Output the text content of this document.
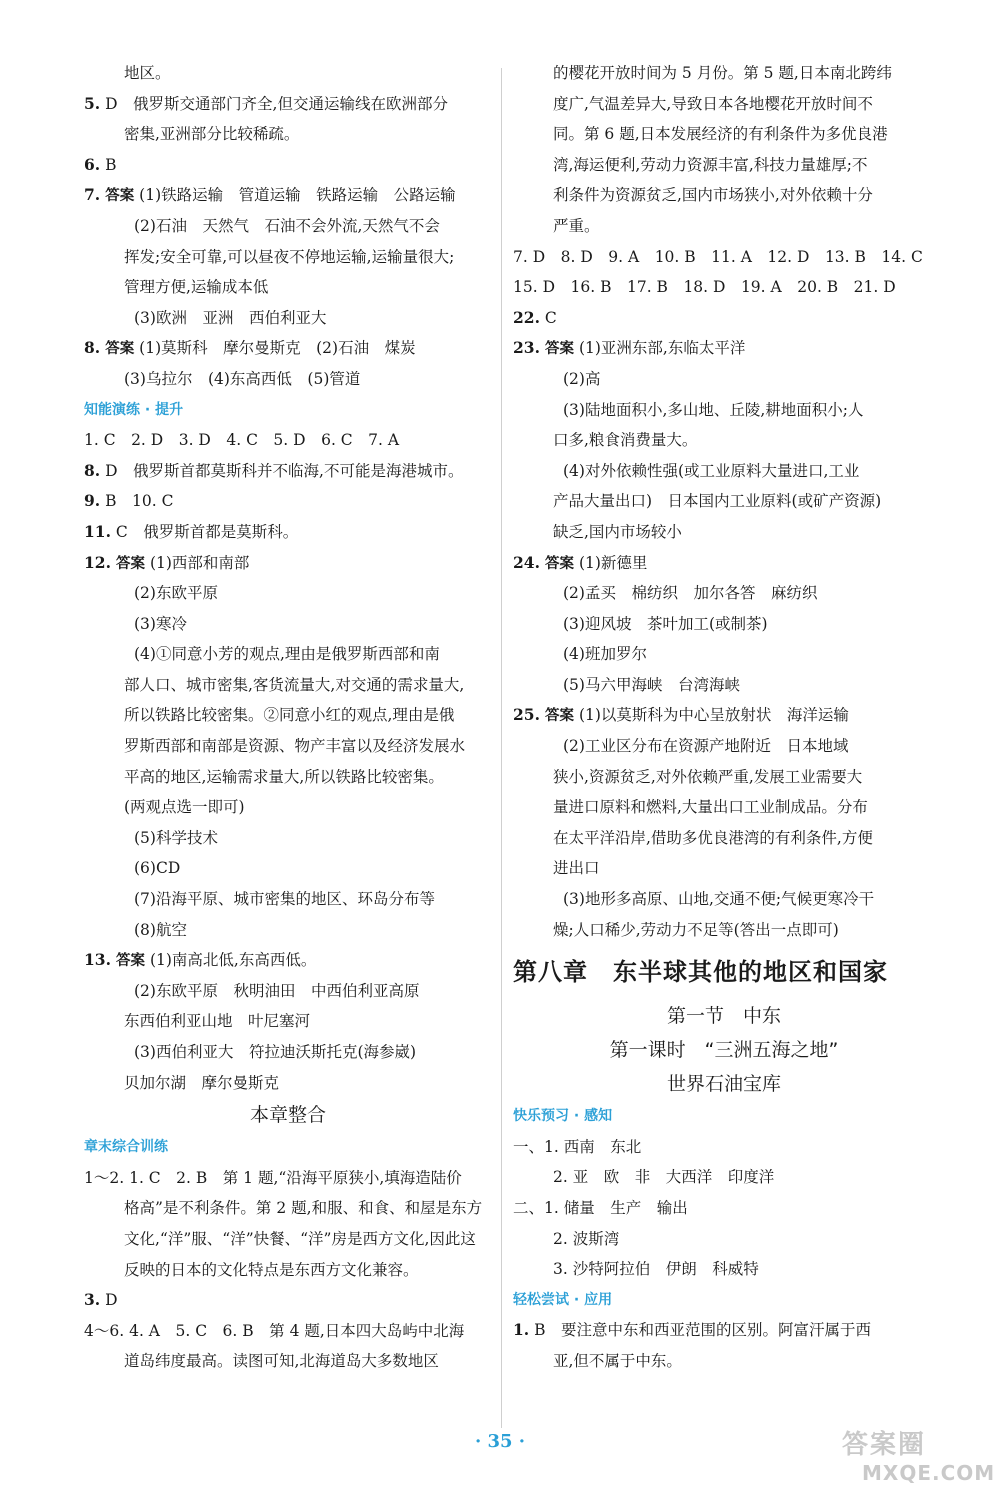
地区。
5. D　俄罗斯交通部门齐全,但交通运输线在欧洲部分
密集,亚洲部分比较稀疏。
6. B
7. 答案 (1)铁路运输　管道运输　铁路运输　公路运输
(2)石油　天然气　石油不会外流,天然气不会
挥发;安全可靠,可以昼夜不停地运输,运输量很大;
管理方便,运输成本低
(3)欧洲　亚洲　西伯利亚大
8. 答案 (1)莫斯科　摩尔曼斯克　(2)石油　煤炭
(3)乌拉尔　(4)东高西低　(5)管道
知能演练 · 提升
1. C　2. D　3. D　4. C　5. D　6. C　7. A
8. D　俄罗斯首都莫斯科并不临海,不可能是海港城市。
9. B　10. C
11. C　俄罗斯首都是莫斯科。
12. 答案 (1)西部和南部
(2)东欧平原
(3)寒冷
(4)①同意小芳的观点,理由是俄罗斯西部和南
部人口、城市密集,客货流量大,对交通的需求量大,
所以铁路比较密集。②同意小红的观点,理由是俄
罗斯西部和南部是资源、物产丰富以及经济发展水
平高的地区,运输需求量大,所以铁路比较密集。
(两观点选一即可)
(5)科学技术
(6)CD
(7)沿海平原、城市密集的地区、环岛分布等
(8)航空
13. 答案 (1)南高北低,东高西低。
(2)东欧平原　秋明油田　中西伯利亚高原
东西伯利亚山地　叶尼塞河
(3)西伯利亚大　符拉迪沃斯托克(海参崴)
贝加尔湖　摩尔曼斯克
本章整合
章末综合训练
1～2. 1. C　2. B　第 1 题,“沿海平原狭小,填海造陆价
格高”是不利条件。第 2 题,和服、和食、和屋是东方
文化,“洋”服、“洋”快餐、“洋”房是西方文化,因此这
反映的日本的文化特点是东西方文化兼容。
3. D
4～6. 4. A　5. C　6. B　第 4 题,日本四大岛屿中北海
道岛纬度最高。读图可知,北海道岛大多数地区
的樱花开放时间为 5 月份。第 5 题,日本南北跨纬
度广,气温差异大,导致日本各地樱花开放时间不
同。第 6 题,日本发展经济的有利条件为多优良港
湾,海运便利,劳动力资源丰富,科技力量雄厚;不
利条件为资源贫乏,国内市场狭小,对外依赖十分
严重。
7. D　8. D　9. A　10. B　11. A　12. D　13. B　14. C
15. D　16. B　17. B　18. D　19. A　20. B　21. D
22. C
23. 答案 (1)亚洲东部,东临太平洋
(2)高
(3)陆地面积小,多山地、丘陵,耕地面积小;人
口多,粮食消费量大。
(4)对外依赖性强(或工业原料大量进口,工业
产品大量出口)　日本国内工业原料(或矿产资源)
缺乏,国内市场较小
24. 答案 (1)新德里
(2)孟买　棉纺织　加尔各答　麻纺织
(3)迎风坡　茶叶加工(或制茶)
(4)班加罗尔
(5)马六甲海峡　台湾海峡
25. 答案 (1)以莫斯科为中心呈放射状　海洋运输
(2)工业区分布在资源产地附近　日本地域
狭小,资源贫乏,对外依赖严重,发展工业需要大
量进口原料和燃料,大量出口工业制成品。分布
在太平洋沿岸,借助多优良港湾的有利条件,方便
进出口
(3)地形多高原、山地,交通不便;气候更寒冷干
燥;人口稀少,劳动力不足等(答出一点即可)
第八章　东半球其他的地区和国家
第一节　中东
第一课时　“三洲五海之地”
世界石油宝库
快乐预习 · 感知
一、1. 西南　东北
2. 亚　欧　非　大西洋　印度洋
二、1. 储量　生产　输出
2. 波斯湾
3. 沙特阿拉伯　伊朗　科威特
轻松尝试 · 应用
1. B　要注意中东和西亚范围的区别。阿富汗属于西
亚,但不属于中东。
· 35 ·	答案圈
MXQE.COM
